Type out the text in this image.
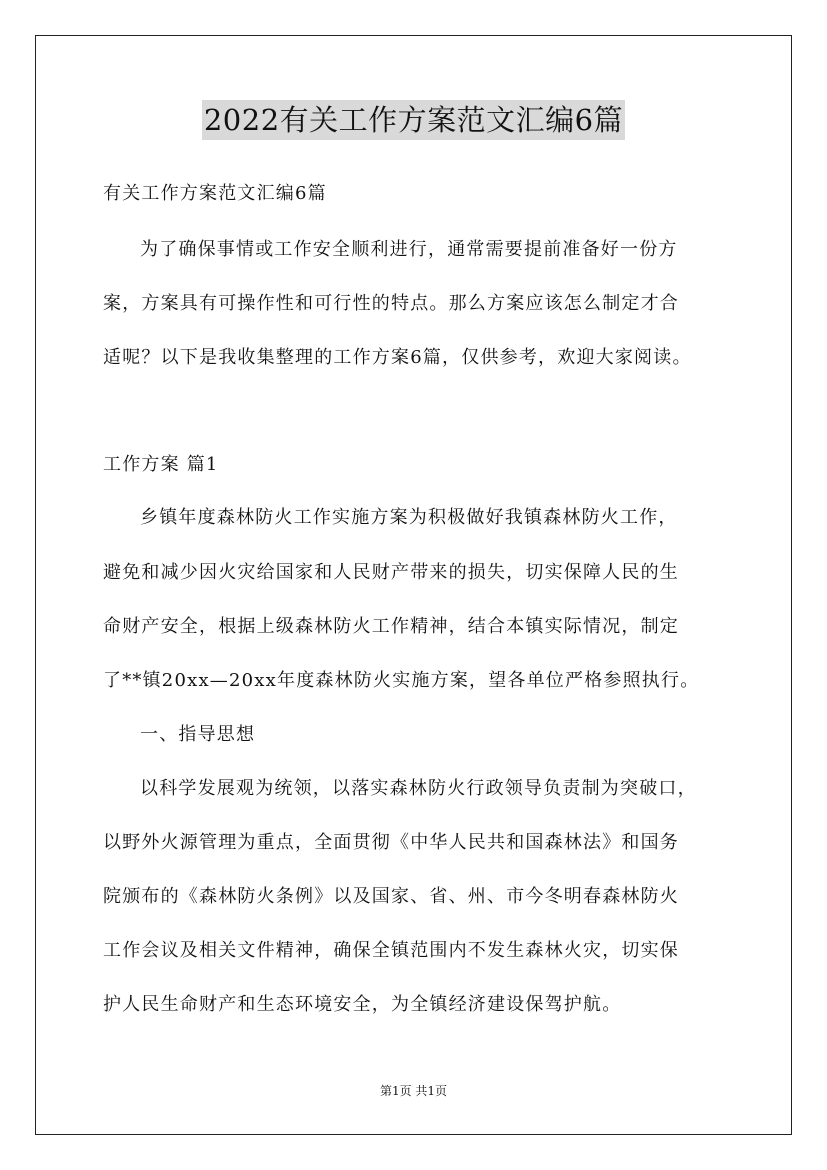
2022有关工作方案范文汇编6篇
有关工作方案范文汇编6篇
为了确保事情或工作安全顺利进行，通常需要提前准备好一份方
案，方案具有可操作性和可行性的特点。那么方案应该怎么制定才合
适呢？以下是我收集整理的工作方案6篇，仅供参考，欢迎大家阅读。
工作方案 篇1
乡镇年度森林防火工作实施方案为积极做好我镇森林防火工作，
避免和减少因火灾给国家和人民财产带来的损失，切实保障人民的生
命财产安全，根据上级森林防火工作精神，结合本镇实际情况，制定
了**镇20xx—20xx年度森林防火实施方案，望各单位严格参照执行。
一、指导思想
以科学发展观为统领，以落实森林防火行政领导负责制为突破口，
以野外火源管理为重点，全面贯彻《中华人民共和国森林法》和国务
院颁布的《森林防火条例》以及国家、省、州、市今冬明春森林防火
工作会议及相关文件精神，确保全镇范围内不发生森林火灾，切实保
护人民生命财产和生态环境安全，为全镇经济建设保驾护航。
第1页 共1页
